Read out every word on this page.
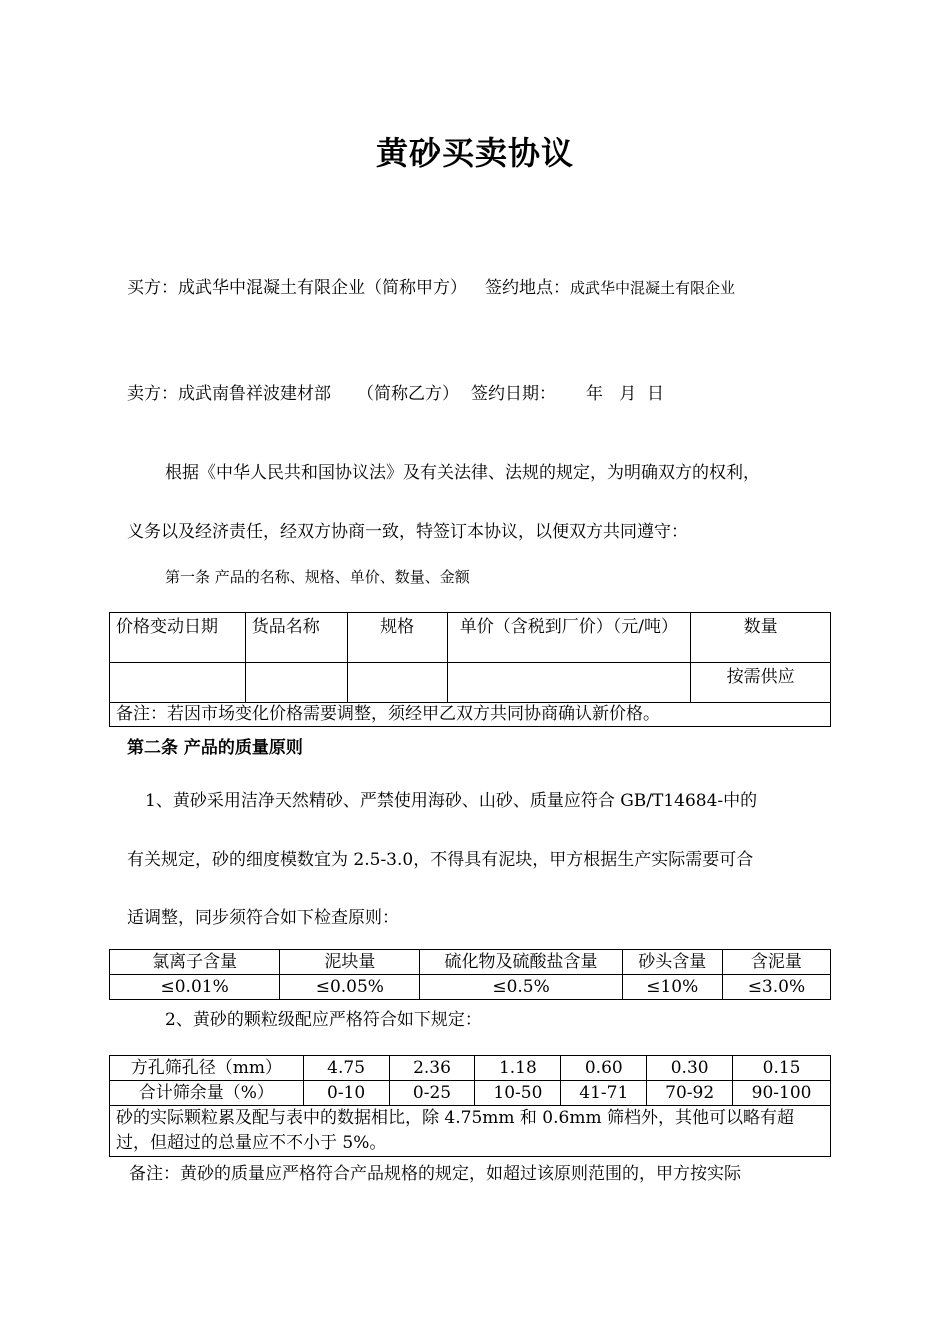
黄砂买卖协议
买方：成武华中混凝土有限企业（简称甲方） 签约地点：成武华中混凝土有限企业
卖方：成武南鲁祥波建材部 （简称乙方） 签约日期： 年   月  日
根据《中华人民共和国协议法》及有关法律、法规的规定，为明确双方的权利，
义务以及经济责任，经双方协商一致，特签订本协议，以便双方共同遵守：
第一条 产品的名称、规格、单价、数量、金额
价格变动日期	货品名称	规格	单价（含税到厂价）（元/吨）	数量
				按需供应
备注：若因市场变化价格需要调整，须经甲乙双方共同协商确认新价格。				
第二条 产品的质量原则
1、黄砂采用洁净天然精砂、严禁使用海砂、山砂、质量应符合 GB/T14684-中的
有关规定，砂的细度模数宜为 2.5-3.0，不得具有泥块，甲方根据生产实际需要可合
适调整，同步须符合如下检查原则：
氯离子含量	泥块量	硫化物及硫酸盐含量	砂头含量	含泥量
≤0.01%	≤0.05%	≤0.5%	≤10%	≤3.0%
2、黄砂的颗粒级配应严格符合如下规定：
方孔筛孔径（mm）	4.75	2.36	1.18	0.60	0.30	0.15
合计筛余量（%）	0-10	0-25	10-50	41-71	70-92	90-100
砂的实际颗粒累及配与表中的数据相比，除 4.75mm 和 0.6mm 筛档外，其他可以略有超过，但超过的总量应不不小于 5%。						
备注：黄砂的质量应严格符合产品规格的规定，如超过该原则范围的，甲方按实际
